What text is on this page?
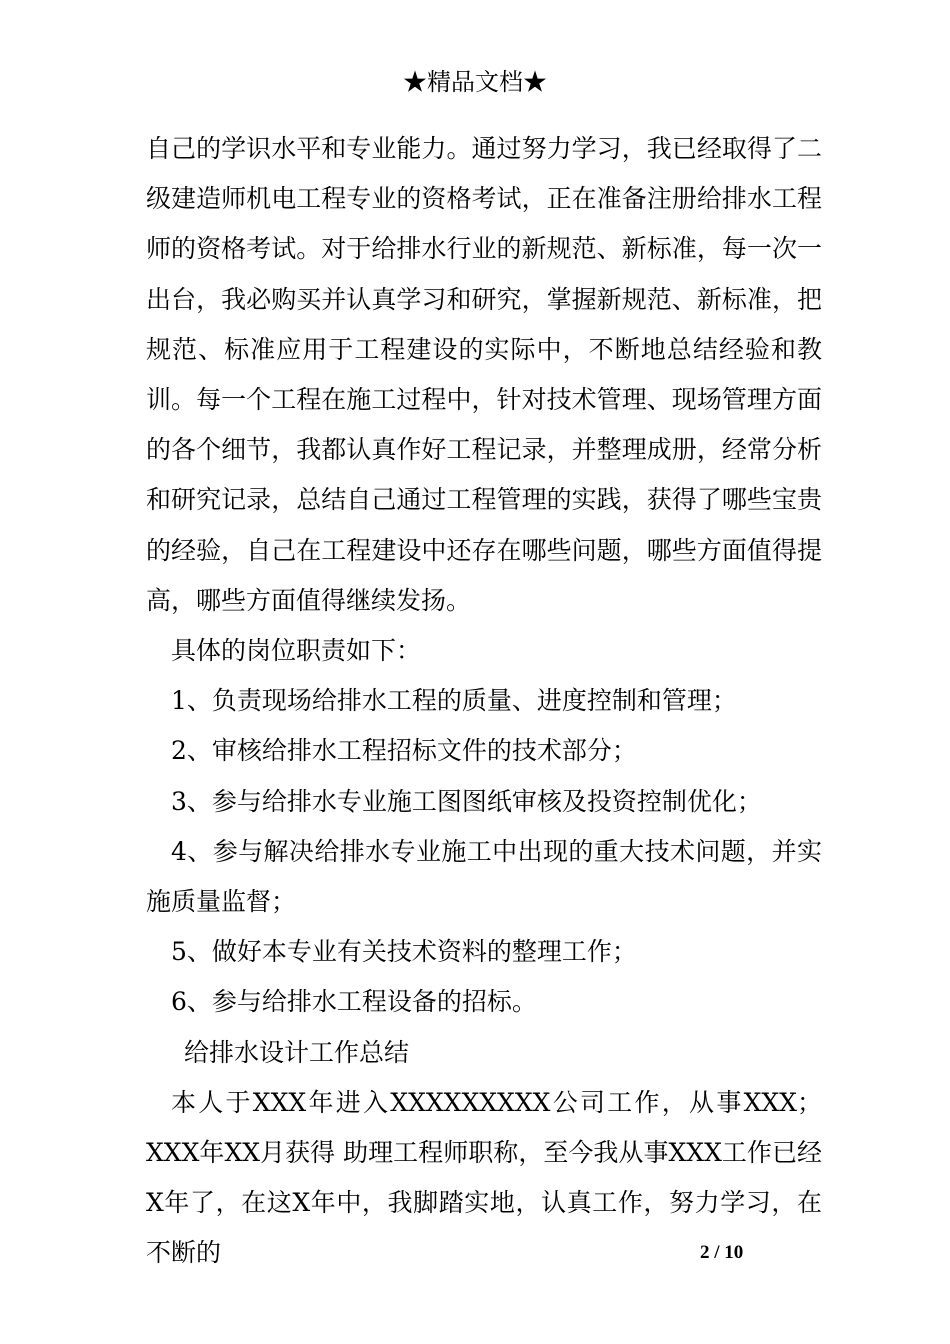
★精品文档★

自己的学识水平和专业能力。通过努力学习，我已经取得了二级建造师机电工程专业的资格考试，正在准备注册给排水工程师的资格考试。对于给排水行业的新规范、新标准，每一次一出台，我必购买并认真学习和研究，掌握新规范、新标准，把规范、标准应用于工程建设的实际中，不断地总结经验和教训。每一个工程在施工过程中，针对技术管理、现场管理方面的各个细节，我都认真作好工程记录，并整理成册，经常分析和研究记录，总结自己通过工程管理的实践，获得了哪些宝贵的经验，自己在工程建设中还存在哪些问题，哪些方面值得提高，哪些方面值得继续发扬。

具体的岗位职责如下：

1、负责现场给排水工程的质量、进度控制和管理；

2、审核给排水工程招标文件的技术部分；

3、参与给排水专业施工图图纸审核及投资控制优化；

4、参与解决给排水专业施工中出现的重大技术问题，并实施质量监督；

5、做好本专业有关技术资料的整理工作；

6、参与给排水工程设备的招标。

给排水设计工作总结

本人于XXX年进入XXXXXXXXX公司工作，从事XXX；XXX年XX月获得 助理工程师职称，至今我从事XXX工作已经X年了，在这X年中，我脚踏实地，认真工作，努力学习，在不断的	2 / 10
